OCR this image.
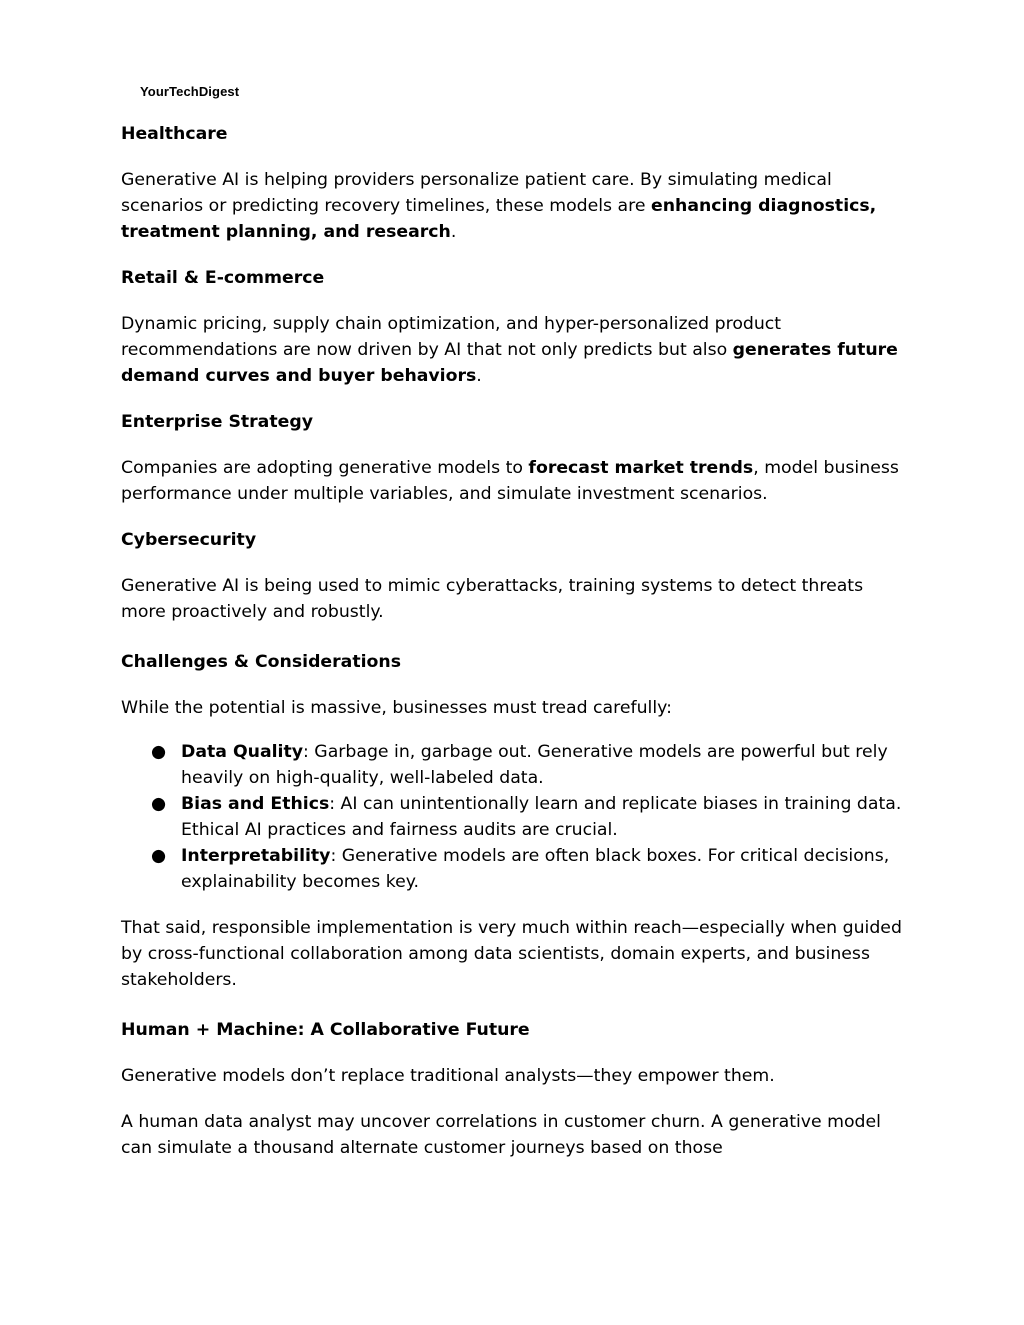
YourTechDigest

Healthcare

Generative AI is helping providers personalize patient care. By simulating medical scenarios or predicting recovery timelines, these models are enhancing diagnostics, treatment planning, and research.

Retail & E-commerce

Dynamic pricing, supply chain optimization, and hyper-personalized product recommendations are now driven by AI that not only predicts but also generates future demand curves and buyer behaviors.

Enterprise Strategy

Companies are adopting generative models to forecast market trends, model business performance under multiple variables, and simulate investment scenarios.

Cybersecurity

Generative AI is being used to mimic cyberattacks, training systems to detect threats more proactively and robustly.

Challenges & Considerations

While the potential is massive, businesses must tread carefully:

● Data Quality: Garbage in, garbage out. Generative models are powerful but rely heavily on high-quality, well-labeled data.
● Bias and Ethics: AI can unintentionally learn and replicate biases in training data. Ethical AI practices and fairness audits are crucial.
● Interpretability: Generative models are often black boxes. For critical decisions, explainability becomes key.

That said, responsible implementation is very much within reach—especially when guided by cross-functional collaboration among data scientists, domain experts, and business stakeholders.

Human + Machine: A Collaborative Future

Generative models don’t replace traditional analysts—they empower them.

A human data analyst may uncover correlations in customer churn. A generative model can simulate a thousand alternate customer journeys based on those
